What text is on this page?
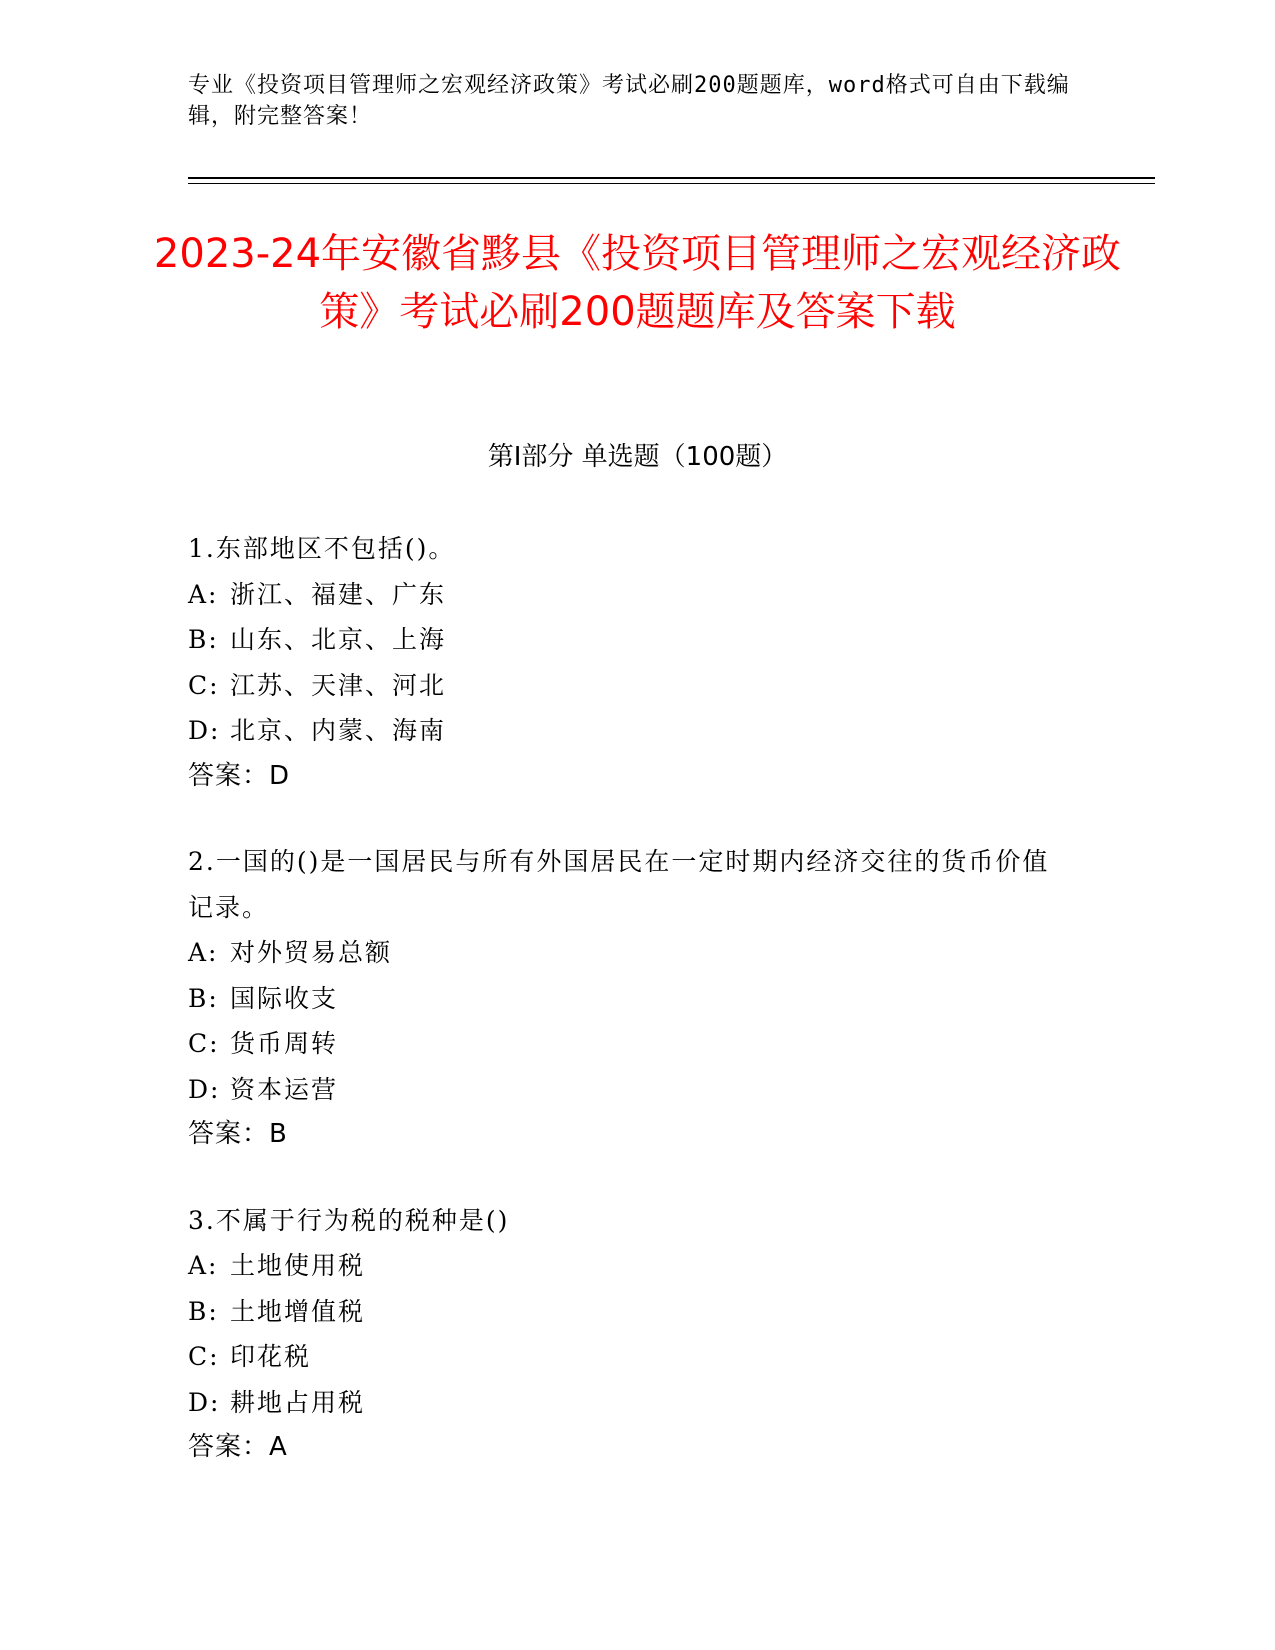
专业《投资项目管理师之宏观经济政策》考试必刷200题题库，word格式可自由下载编辑，附完整答案！
2023-24年安徽省黟县《投资项目管理师之宏观经济政策》考试必刷200题题库及答案下载
第Ⅰ部分 单选题（100题）
1.东部地区不包括()。
A: 浙江、福建、广东
B: 山东、北京、上海
C: 江苏、天津、河北
D: 北京、内蒙、海南
答案：D
2.一国的()是一国居民与所有外国居民在一定时期内经济交往的货币价值记录。
A: 对外贸易总额
B: 国际收支
C: 货币周转
D: 资本运营
答案：B
3.不属于行为税的税种是()
A: 土地使用税
B: 土地增值税
C: 印花税
D: 耕地占用税
答案：A
